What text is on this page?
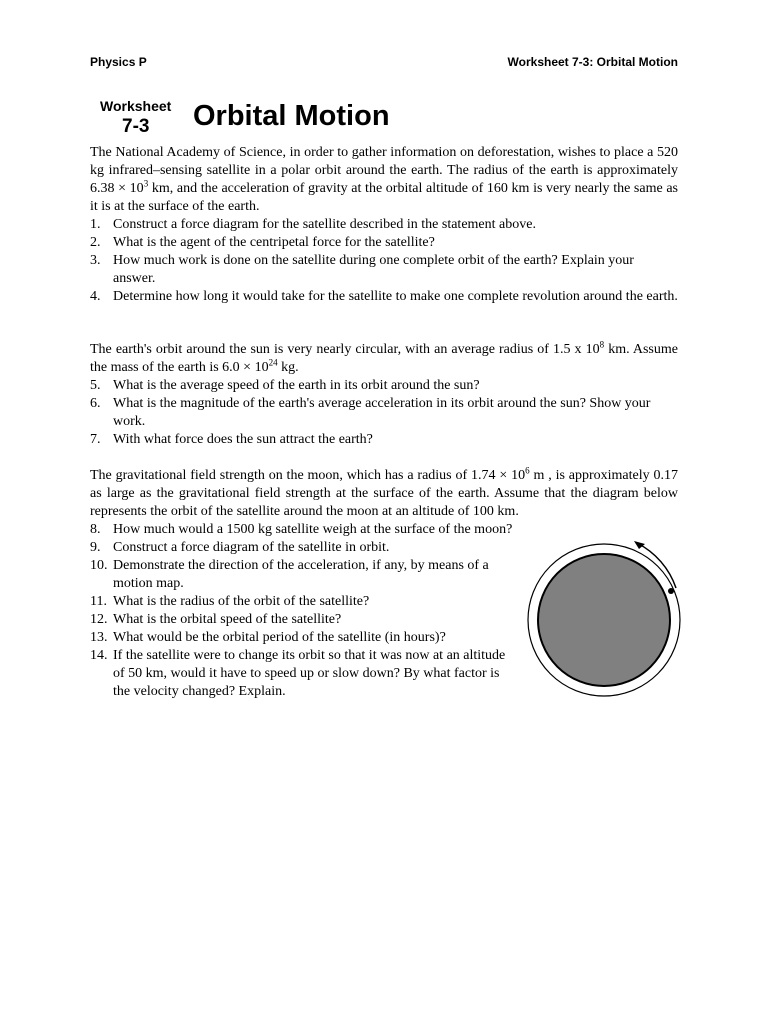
Physics P	Worksheet 7-3: Orbital Motion
Worksheet
7-3 Orbital Motion

The National Academy of Science, in order to gather information on deforestation, wishes to place a 520 kg infrared–sensing satellite in a polar orbit around the earth. The radius of the earth is approximately $6.38 \times 10^3$ km, and the acceleration of gravity at the orbital altitude of 160 km is very nearly the same as it is at the surface of the earth.

1. Construct a force diagram for the satellite described in the statement above.
2. What is the agent of the centripetal force for the satellite?
3. How much work is done on the satellite during one complete orbit of the earth? Explain your answer.
4. Determine how long it would take for the satellite to make one complete revolution around the earth.

The earth's orbit around the sun is very nearly circular, with an average radius of 1.5 x $10^8$ km. Assume the mass of the earth is $6.0 \times 10^{24}$ kg.

5. What is the average speed of the earth in its orbit around the sun?
6. What is the magnitude of the earth's average acceleration in its orbit around the sun? Show your work.
7. With what force does the sun attract the earth?

The gravitational field strength on the moon, which has a radius of $1.74 \times 10^6$ m , is approximately 0.17 as large as the gravitational field strength at the surface of the earth. Assume that the diagram below represents the orbit of the satellite around the moon at an altitude of 100 km.

8. How much would a 1500 kg satellite weigh at the surface of the moon?
9. Construct a force diagram of the satellite in orbit.
10. Demonstrate the direction of the acceleration, if any, by means of a motion map.
11. What is the radius of the orbit of the satellite?
12. What is the orbital speed of the satellite?
13. What would be the orbital period of the satellite (in hours)?
14. If the satellite were to change its orbit so that it was now at an altitude of 50 km, would it have to speed up or slow down? By what factor is the velocity changed? Explain.
